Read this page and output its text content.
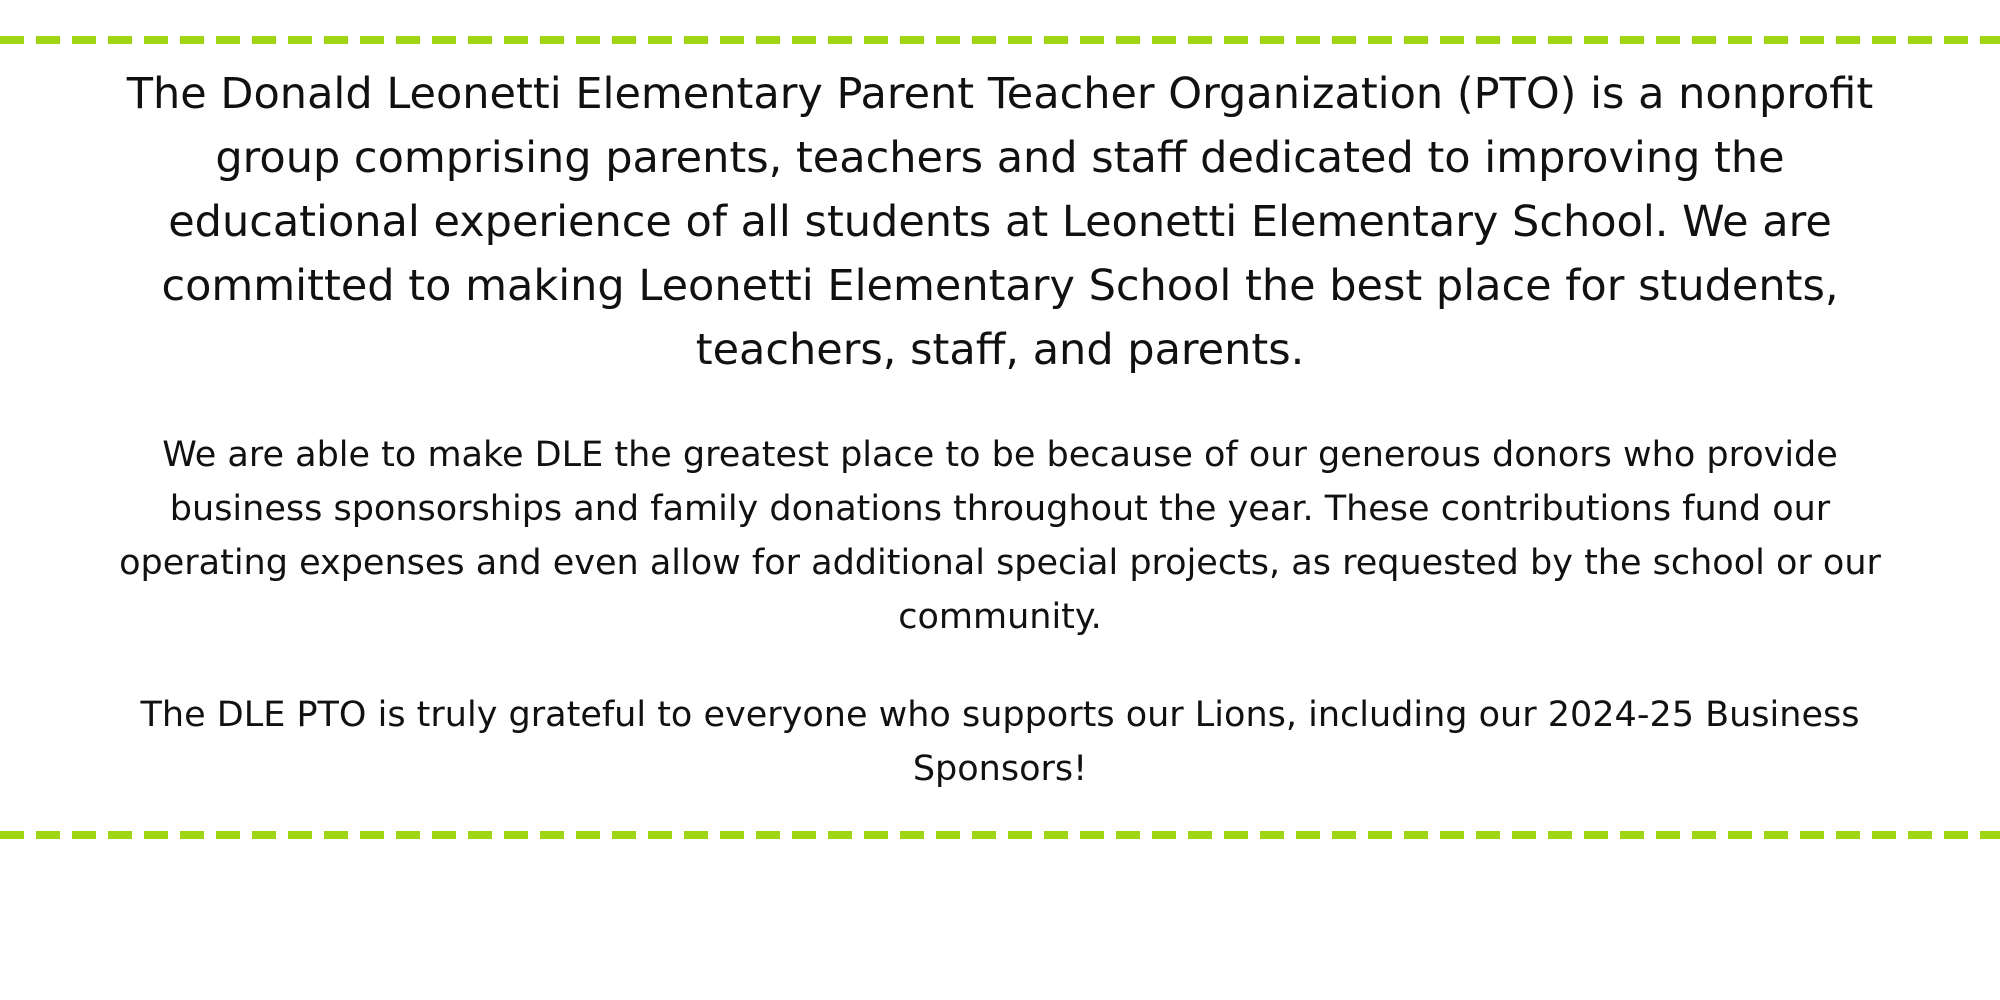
The Donald Leonetti Elementary Parent Teacher Organization (PTO) is a nonprofit group comprising parents, teachers and staff dedicated to improving the educational experience of all students at Leonetti Elementary School. We are committed to making Leonetti Elementary School the best place for students, teachers, staff, and parents.

We are able to make DLE the greatest place to be because of our generous donors who provide business sponsorships and family donations throughout the year. These contributions fund our operating expenses and even allow for additional special projects, as requested by the school or our community.

The DLE PTO is truly grateful to everyone who supports our Lions, including our 2024-25 Business Sponsors!
